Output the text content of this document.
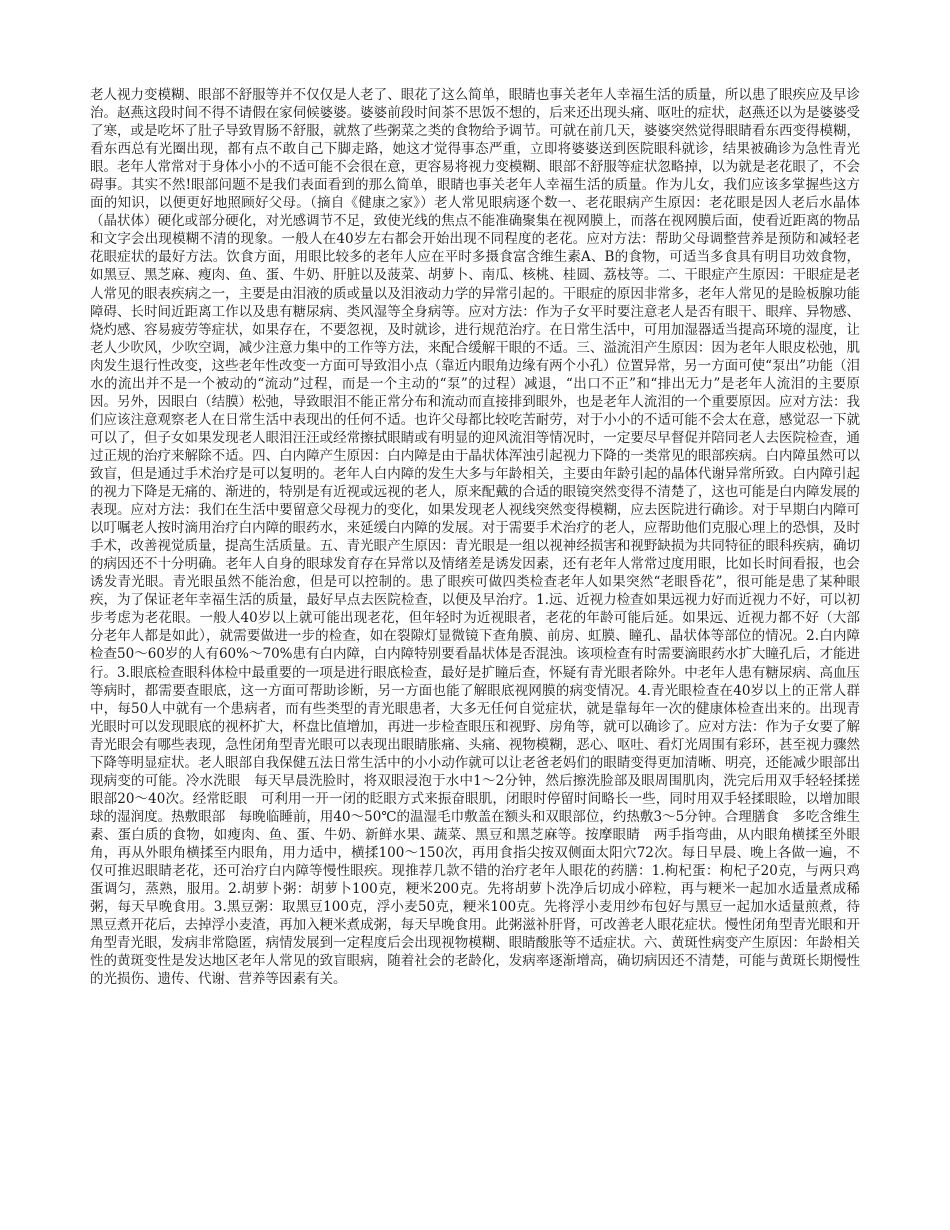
老人视力变模糊、眼部不舒服等并不仅仅是人老了、眼花了这么简单，眼睛也事关老年人幸福生活的质量，所以患了眼疾应及早诊治。赵燕这段时间不得不请假在家伺候婆婆。婆婆前段时间茶不思饭不想的，后来还出现头痛、呕吐的症状，赵燕还以为是婆婆受了寒，或是吃坏了肚子导致胃肠不舒服，就熬了些粥菜之类的食物给予调节。可就在前几天，婆婆突然觉得眼睛看东西变得模糊，看东西总有光圈出现，都有点不敢自己下脚走路，她这才觉得事态严重，立即将婆婆送到医院眼科就诊，结果被确诊为急性青光眼。老年人常常对于身体小小的不适可能不会很在意，更容易将视力变模糊、眼部不舒服等症状忽略掉，以为就是老花眼了，不会碍事。其实不然!眼部问题不是我们表面看到的那么简单，眼睛也事关老年人幸福生活的质量。作为儿女，我们应该多掌握些这方面的知识，以便更好地照顾好父母。（摘自《健康之家》）老人常见眼病逐个数一、老花眼病产生原因：老花眼是因人老后水晶体（晶状体）硬化或部分硬化，对光感调节不足，致使光线的焦点不能准确聚集在视网膜上，而落在视网膜后面，使看近距离的物品和文字会出现模糊不清的现象。一般人在40岁左右都会开始出现不同程度的老花。应对方法：帮助父母调整营养是预防和减轻老花眼症状的最好方法。饮食方面，用眼比较多的老年人应在平时多摄食富含维生素A、B的食物，可适当多食具有明目功效食物，如黑豆、黑芝麻、瘦肉、鱼、蛋、牛奶、肝脏以及菠菜、胡萝卜、南瓜、核桃、桂圆、荔枝等。二、干眼症产生原因：干眼症是老人常见的眼表疾病之一，主要是由泪液的质或量以及泪液动力学的异常引起的。干眼症的原因非常多，老年人常见的是睑板腺功能障碍、长时间近距离工作以及患有糖尿病、类风湿等全身病等。应对方法：作为子女平时要注意老人是否有眼干、眼痒、异物感、烧灼感、容易疲劳等症状，如果存在，不要忽视，及时就诊，进行规范治疗。在日常生活中，可用加湿器适当提高环境的湿度，让老人少吹风，少吹空调，减少注意力集中的工作等方法，来配合缓解干眼的不适。三、溢流泪产生原因：因为老年人眼皮松弛，肌肉发生退行性改变，这些老年性改变一方面可导致泪小点（靠近内眼角边缘有两个小孔）位置异常，另一方面可使“泵出”功能（泪水的流出并不是一个被动的“流动”过程，而是一个主动的“泵”的过程）减退，“出口不正”和“排出无力”是老年人流泪的主要原因。另外，因眼白（结膜）松弛，导致眼泪不能正常分布和流动而直接排到眼外，也是老年人流泪的一个重要原因。应对方法：我们应该注意观察老人在日常生活中表现出的任何不适。也许父母都比较吃苦耐劳，对于小小的不适可能不会太在意，感觉忍一下就可以了，但子女如果发现老人眼泪汪汪或经常擦拭眼睛或有明显的迎风流泪等情况时，一定要尽早督促并陪同老人去医院检查，通过正规的治疗来解除不适。四、白内障产生原因：白内障是由于晶状体浑浊引起视力下降的一类常见的眼部疾病。白内障虽然可以致盲，但是通过手术治疗是可以复明的。老年人白内障的发生大多与年龄相关，主要由年龄引起的晶体代谢异常所致。白内障引起的视力下降是无痛的、渐进的，特别是有近视或远视的老人，原来配戴的合适的眼镜突然变得不清楚了，这也可能是白内障发展的表现。应对方法：我们在生活中要留意父母视力的变化，如果发现老人视线突然变得模糊，应去医院进行确诊。对于早期白内障可以叮嘱老人按时滴用治疗白内障的眼药水，来延缓白内障的发展。对于需要手术治疗的老人，应帮助他们克服心理上的恐惧，及时手术，改善视觉质量，提高生活质量。五、青光眼产生原因：青光眼是一组以视神经损害和视野缺损为共同特征的眼科疾病，确切的病因还不十分明确。老年人自身的眼球发育存在异常以及情绪差是诱发因素，还有老年人常常过度用眼，比如长时间看报，也会诱发青光眼。青光眼虽然不能治愈，但是可以控制的。患了眼疾可做四类检查老年人如果突然“老眼昏花”，很可能是患了某种眼疾，为了保证老年幸福生活的质量，最好早点去医院检查，以便及早治疗。1.远、近视力检查如果远视力好而近视力不好，可以初步考虑为老花眼。一般人40岁以上就可能出现老花，但年轻时为近视眼者，老花的年龄可能后延。如果远、近视力都不好（大部分老年人都是如此），就需要做进一步的检查，如在裂隙灯显微镜下查角膜、前房、虹膜、瞳孔、晶状体等部位的情况。2.白内障检查50～60岁的人有60%～70%患有白内障，白内障特别要看晶状体是否混浊。该项检查有时需要滴眼药水扩大瞳孔后，才能进行。3.眼底检查眼科体检中最重要的一项是进行眼底检查，最好是扩瞳后查，怀疑有青光眼者除外。中老年人患有糖尿病、高血压等病时，都需要查眼底，这一方面可帮助诊断，另一方面也能了解眼底视网膜的病变情况。4.青光眼检查在40岁以上的正常人群中，每50人中就有一个患病者，而有些类型的青光眼患者，大多无任何自觉症状，就是靠每年一次的健康体检查出来的。出现青光眼时可以发现眼底的视杯扩大，杯盘比值增加，再进一步检查眼压和视野、房角等，就可以确诊了。应对方法：作为子女要了解青光眼会有哪些表现，急性闭角型青光眼可以表现出眼睛胀痛、头痛、视物模糊，恶心、呕吐、看灯光周围有彩环，甚至视力骤然下降等明显症状。老人眼部自我保健五法日常生活中的小小动作就可以让老爸老妈们的眼睛变得更加清晰、明亮，还能减少眼部出现病变的可能。冷水洗眼　每天早晨洗脸时，将双眼浸泡于水中1～2分钟，然后擦洗脸部及眼周围肌肉，洗完后用双手轻轻揉搓眼部20～40次。经常眨眼　可利用一开一闭的眨眼方式来振奋眼肌，闭眼时停留时间略长一些，同时用双手轻揉眼睑，以增加眼球的湿润度。热敷眼部　每晚临睡前，用40～50℃的温湿毛巾敷盖在额头和双眼部位，约热敷3～5分钟。合理膳食　多吃含维生素、蛋白质的食物，如瘦肉、鱼、蛋、牛奶、新鲜水果、蔬菜、黑豆和黑芝麻等。按摩眼睛　两手指弯曲，从内眼角横揉至外眼角，再从外眼角横揉至内眼角，用力适中，横揉100～150次，再用食指尖按双侧面太阳穴72次。每日早晨、晚上各做一遍，不仅可推迟眼睛老花，还可治疗白内障等慢性眼疾。现推荐几款不错的治疗老年人眼花的药膳：1.枸杞蛋：枸杞子20克，与两只鸡蛋调匀，蒸熟，服用。2.胡萝卜粥：胡萝卜100克，粳米200克。先将胡萝卜洗净后切成小碎粒，再与粳米一起加水适量煮成稀粥，每天早晚食用。3.黑豆粥：取黑豆100克，浮小麦50克，粳米100克。先将浮小麦用纱布包好与黑豆一起加水适量煎煮，待黑豆煮开花后，去掉浮小麦渣，再加入粳米煮成粥，每天早晚食用。此粥滋补肝肾，可改善老人眼花症状。慢性闭角型青光眼和开角型青光眼，发病非常隐匿，病情发展到一定程度后会出现视物模糊、眼睛酸胀等不适症状。六、黄斑性病变产生原因：年龄相关性的黄斑变性是发达地区老年人常见的致盲眼病，随着社会的老龄化，发病率逐渐增高，确切病因还不清楚，可能与黄斑长期慢性的光损伤、遗传、代谢、营养等因素有关。
